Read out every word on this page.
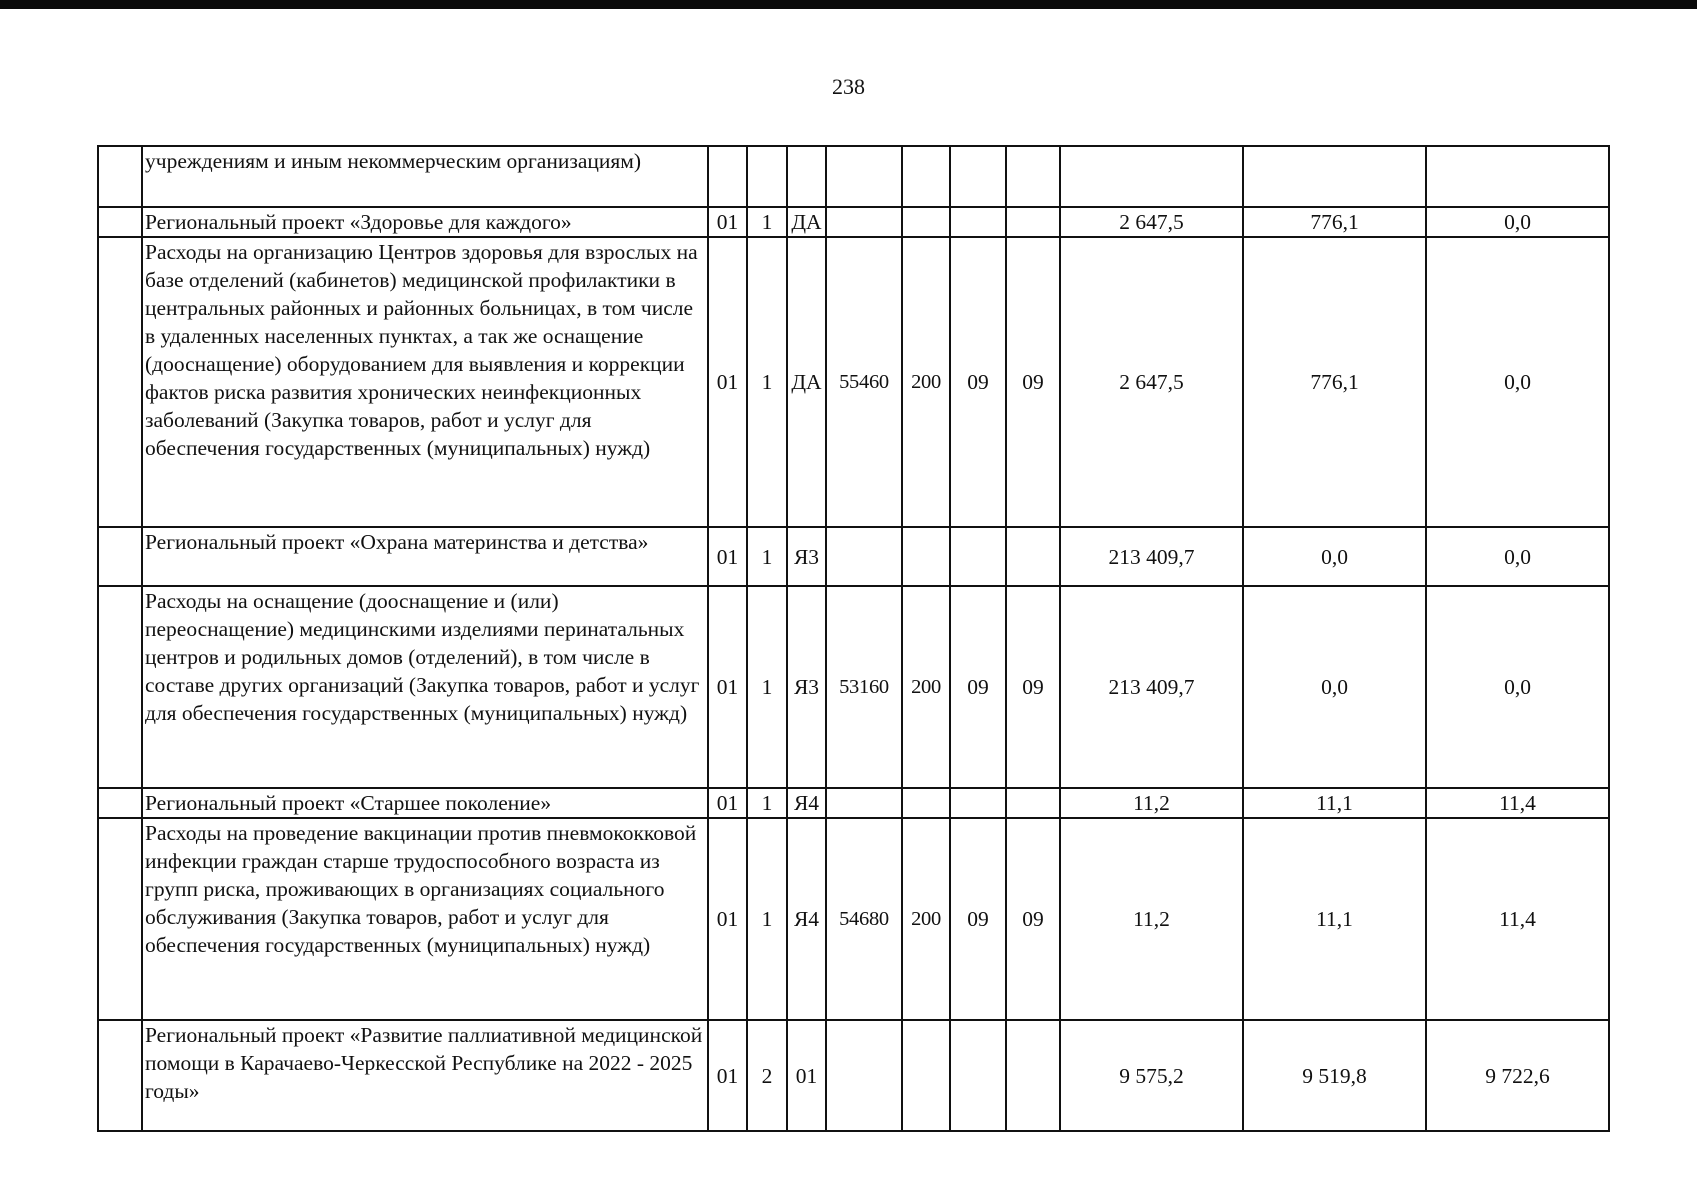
238
	учреждениям и иным некоммерческим организациям)										
	Региональный проект «Здоровье для каждого»	01	1	ДА					2 647,5	776,1	0,0
	Расходы на организацию Центров здоровья для взрослых на базе отделений (кабинетов) медицинской профилактики в центральных районных и районных больницах, в том числе в удаленных населенных пунктах, а так же оснащение (дооснащение) оборудованием для выявления и коррекции фактов риска развития хронических неинфекционных заболеваний (Закупка товаров, работ и услуг для обеспечения государственных (муниципальных) нужд)	01	1	ДА	55460	200	09	09	2 647,5	776,1	0,0
	Региональный проект «Охрана материнства и детства»	01	1	Я3					213 409,7	0,0	0,0
	Расходы на оснащение (дооснащение и (или) переоснащение) медицинскими изделиями перинатальных центров и родильных домов (отделений), в том числе в составе других организаций (Закупка товаров, работ и услуг для обеспечения государственных (муниципальных) нужд)	01	1	Я3	53160	200	09	09	213 409,7	0,0	0,0
	Региональный проект «Старшее поколение»	01	1	Я4					11,2	11,1	11,4
	Расходы на проведение вакцинации против пневмококковой инфекции граждан старше трудоспособного возраста из групп риска, проживающих в организациях социального обслуживания (Закупка товаров, работ и услуг для обеспечения государственных (муниципальных) нужд)	01	1	Я4	54680	200	09	09	11,2	11,1	11,4
	Региональный проект «Развитие паллиативной медицинской помощи в Карачаево-Черкесской Республике на 2022 - 2025 годы»	01	2	01					9 575,2	9 519,8	9 722,6
